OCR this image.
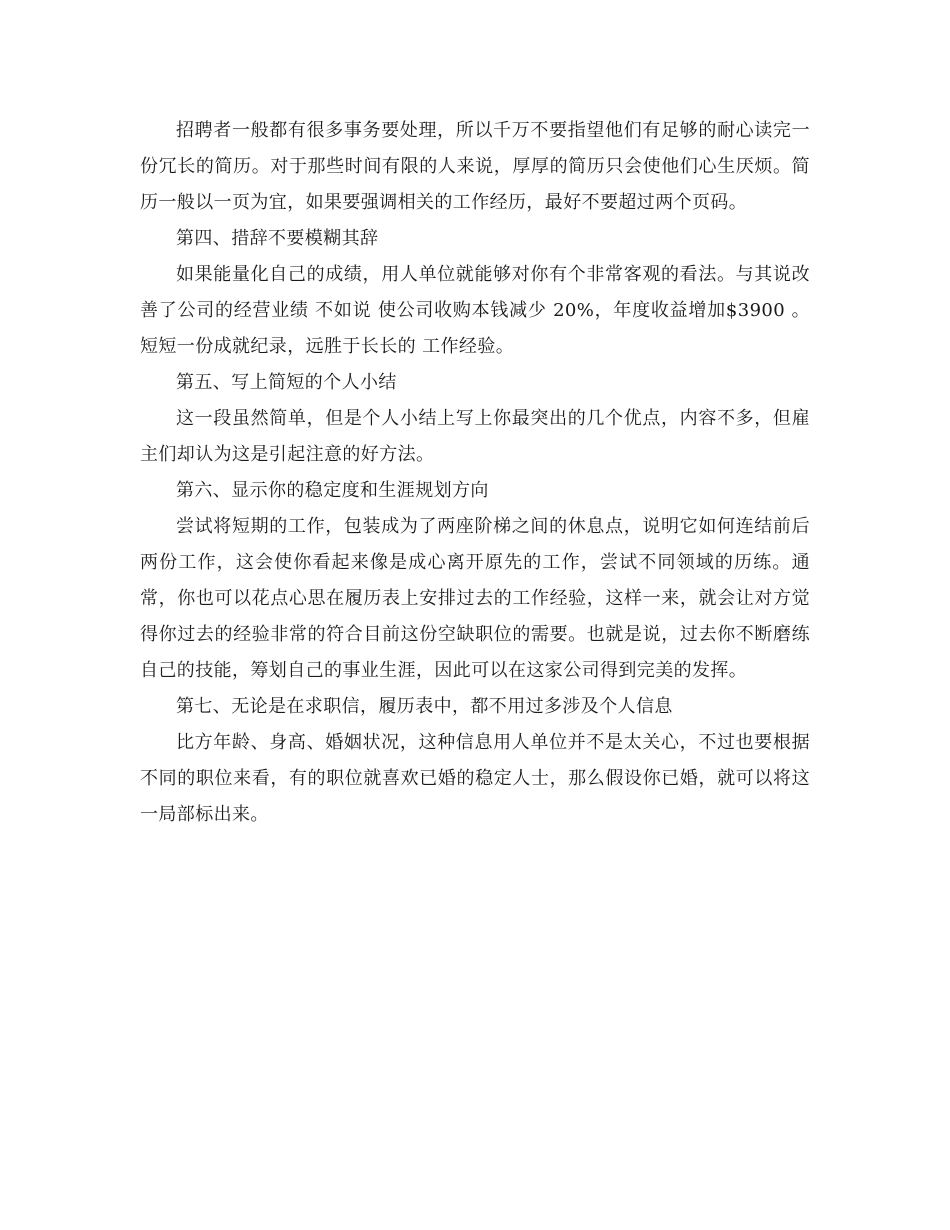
招聘者一般都有很多事务要处理，所以千万不要指望他们有足够的耐心读完一份冗长的简历。对于那些时间有限的人来说，厚厚的简历只会使他们心生厌烦。简历一般以一页为宜，如果要强调相关的工作经历，最好不要超过两个页码。

第四、措辞不要模糊其辞

如果能量化自己的成绩，用人单位就能够对你有个非常客观的看法。与其说改善了公司的经营业绩 不如说 使公司收购本钱减少 20%，年度收益增加$3900 。短短一份成就纪录，远胜于长长的 工作经验。

第五、写上简短的个人小结

这一段虽然简单，但是个人小结上写上你最突出的几个优点，内容不多，但雇主们却认为这是引起注意的好方法。

第六、显示你的稳定度和生涯规划方向

尝试将短期的工作，包装成为了两座阶梯之间的休息点，说明它如何连结前后两份工作，这会使你看起来像是成心离开原先的工作，尝试不同领域的历练。通常，你也可以花点心思在履历表上安排过去的工作经验，这样一来，就会让对方觉得你过去的经验非常的符合目前这份空缺职位的需要。也就是说，过去你不断磨练自己的技能，筹划自己的事业生涯，因此可以在这家公司得到完美的发挥。

第七、无论是在求职信，履历表中，都不用过多涉及个人信息

比方年龄、身高、婚姻状况，这种信息用人单位并不是太关心，不过也要根据不同的职位来看，有的职位就喜欢已婚的稳定人士，那么假设你已婚，就可以将这一局部标出来。
